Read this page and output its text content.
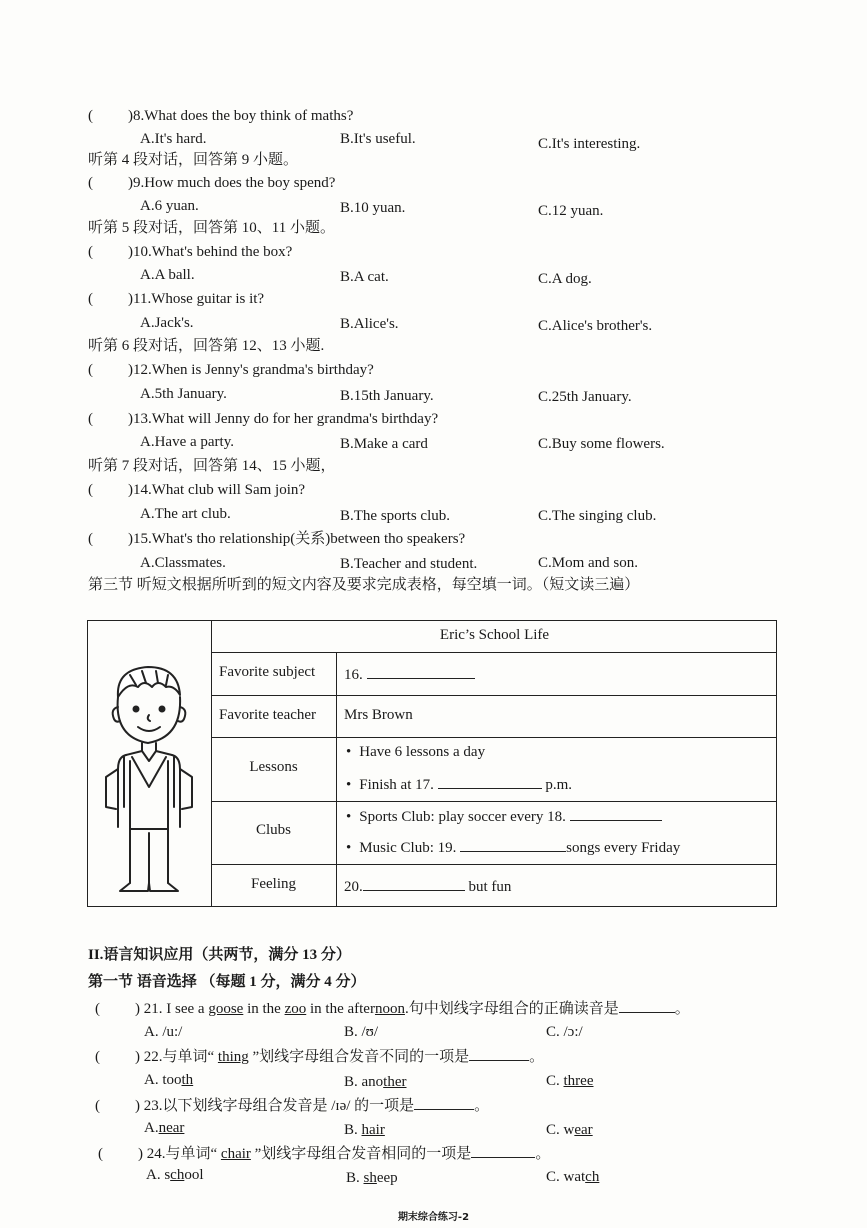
( )8.What does the boy think of maths?
A.It's hard.	B.It's useful.	C.It's interesting.
听第 4 段对话，回答第 9 小题。
( )9.How much does the boy spend?
A.6 yuan.	B.10 yuan.	C.12 yuan.
听第 5 段对话，回答第 10、11 小题。
( )10.What's behind the box?
A.A ball.	B.A cat.	C.A dog.
( )11.Whose guitar is it?
A.Jack's.	B.Alice's.	C.Alice's brother's.
听第 6 段对话，回答第 12、13 小题.
( )12.When is Jenny's grandma's birthday?
A.5th January.	B.15th January.	C.25th January.
( )13.What will Jenny do for her grandma's birthday?
A.Have a party.	B.Make a card	C.Buy some flowers.
听第 7 段对话，回答第 14、15 小题，
( )14.What club will Sam join?
A.The art club.	B.The sports club.	C.The singing club.
( )15.What's tho relationship(关系)between tho speakers?
A.Classmates.	B.Teacher and student.	C.Mom and son.
第三节 听短文根据所听到的短文内容及要求完成表格，每空填一词。（短文读三遍）
Eric’s School Life
Favorite subject 16.
Favorite teacher Mrs Brown
Lessons
• Have 6 lessons a day
• Finish at 17.	p.m.
Clubs
• Sports Club: play soccer every 18.
• Music Club: 19.	songs every Friday
Feeling	20.	but fun
II.语言知识应用（共两节，满分 13 分）
第一节 语音选择 （每题 1 分，满分 4 分）
( ) 21. I see a goose in the zoo in the afternoon.句中划线字母组合的正确读音是	。
A. /u:/	B. /ʊ/	C. /ɔ:/
( ) 22.与单词“ thing ”划线字母组合发音不同的一项是	。
A. tooth	B. another	C. three
( ) 23.以下划线字母组合发音是 /ɪə/ 的一项是	。
A.near	B. hair	C. wear
( ) 24.与单词“ chair ”划线字母组合发音相同的一项是	。
A. school	B. sheep	C. watch
期末综合练习-2
